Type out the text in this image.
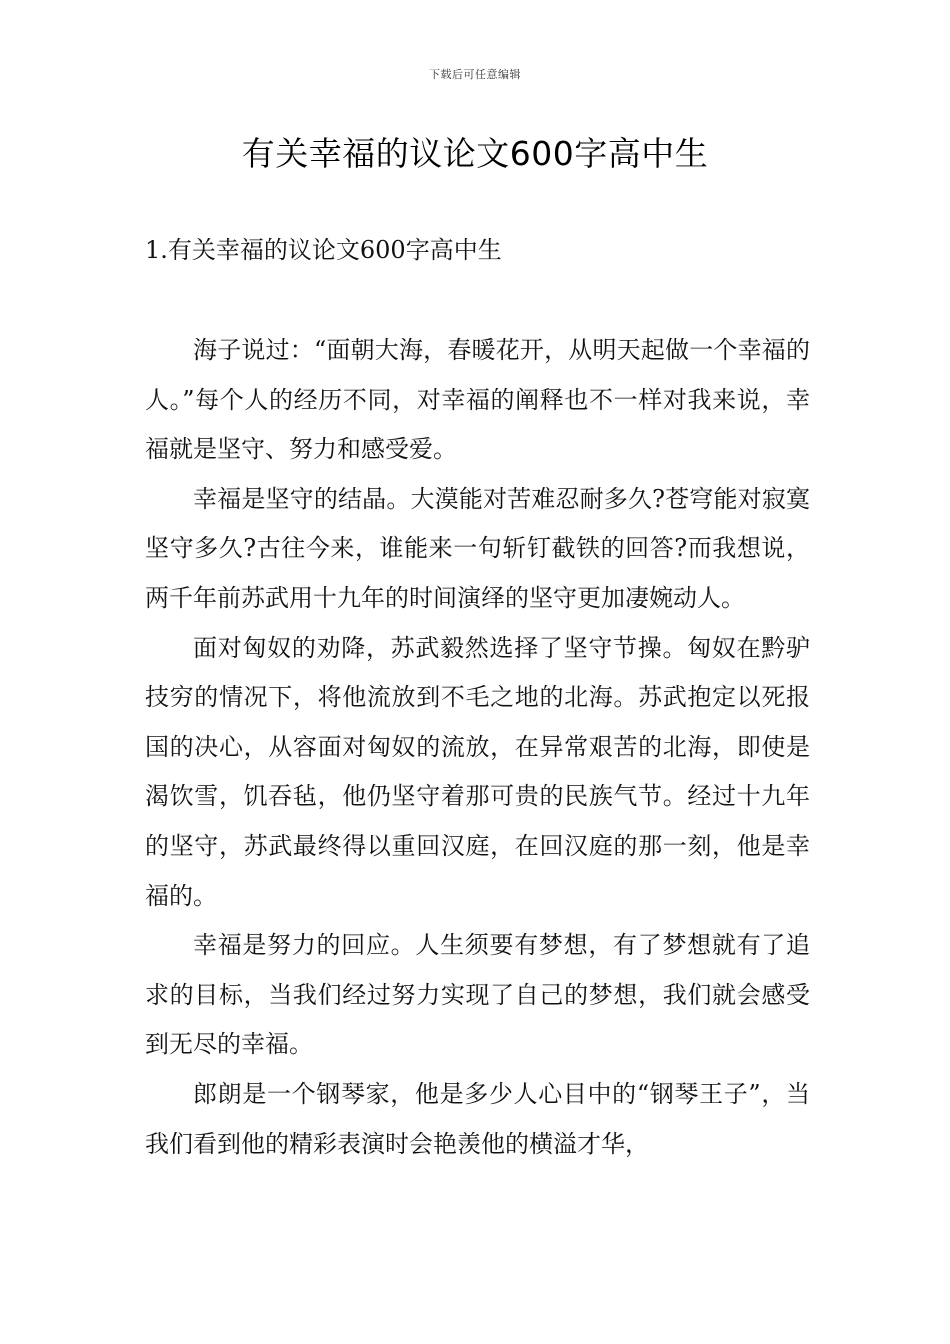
下载后可任意编辑
有关幸福的议论文600字高中生
1.有关幸福的议论文600字高中生

海子说过：“面朝大海，春暖花开，从明天起做一个幸福的人。”每个人的经历不同，对幸福的阐释也不一样对我来说，幸福就是坚守、努力和感受爱。

幸福是坚守的结晶。大漠能对苦难忍耐多久?苍穹能对寂寞坚守多久?古往今来，谁能来一句斩钉截铁的回答?而我想说，两千年前苏武用十九年的时间演绎的坚守更加凄婉动人。

面对匈奴的劝降，苏武毅然选择了坚守节操。匈奴在黔驴技穷的情况下，将他流放到不毛之地的北海。苏武抱定以死报国的决心，从容面对匈奴的流放，在异常艰苦的北海，即使是渴饮雪，饥吞毡，他仍坚守着那可贵的民族气节。经过十九年的坚守，苏武最终得以重回汉庭，在回汉庭的那一刻，他是幸福的。

幸福是努力的回应。人生须要有梦想，有了梦想就有了追求的目标，当我们经过努力实现了自己的梦想，我们就会感受到无尽的幸福。

郎朗是一个钢琴家，他是多少人心目中的“钢琴王子”，当我们看到他的精彩表演时会艳羡他的横溢才华，
